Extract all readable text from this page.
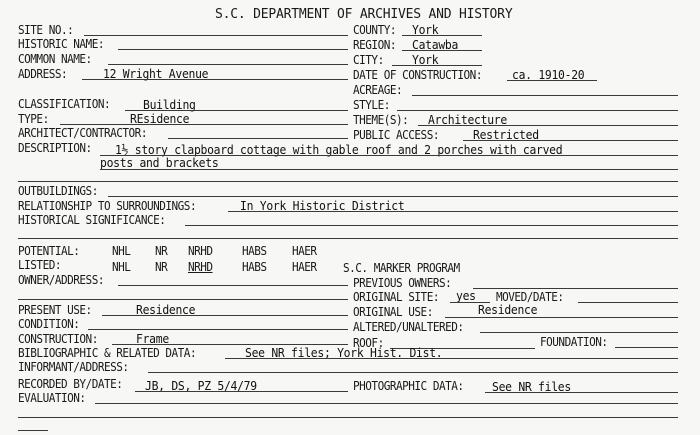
S.C. DEPARTMENT OF ARCHIVES AND HISTORY
SITE NO.:
HISTORIC NAME:
COMMON NAME:
ADDRESS:	12 Wright Avenue
COUNTY: York
REGION: Catawba
CITY: York
DATE OF CONSTRUCTION:	ca. 1910-20
ACREAGE:
CLASSIFICATION:	Building
TYPE:	REsidence
ARCHITECT/CONTRACTOR:
STYLE:
THEME(S): Architecture
PUBLIC ACCESS:	Restricted
DESCRIPTION: 1½ story clapboard cottage with gable roof and 2 porches with carved
posts and brackets
OUTBUILDINGS:
RELATIONSHIP TO SURROUNDINGS:	In York Historic District
HISTORICAL SIGNIFICANCE:
POTENTIAL:	NHL NR NRHD HABS HAER
LISTED:	NHL NR NRHD HABS HAER S.C. MARKER PROGRAM
OWNER/ADDRESS:	PREVIOUS OWNERS:
ORIGINAL SITE: yes MOVED/DATE:
PRESENT USE:	Residence	ORIGINAL USE:	Residence
CONDITION:	ALTERED/UNALTERED:
CONSTRUCTION:	Frame	ROOF:	FOUNDATION:
BIBLIOGRAPHIC & RELATED DATA:	See NR files; York Hist. Dist.
INFORMANT/ADDRESS:
RECORDED BY/DATE: JB, DS, PZ 5/4/79	PHOTOGRAPHIC DATA: See NR files
EVALUATION:
